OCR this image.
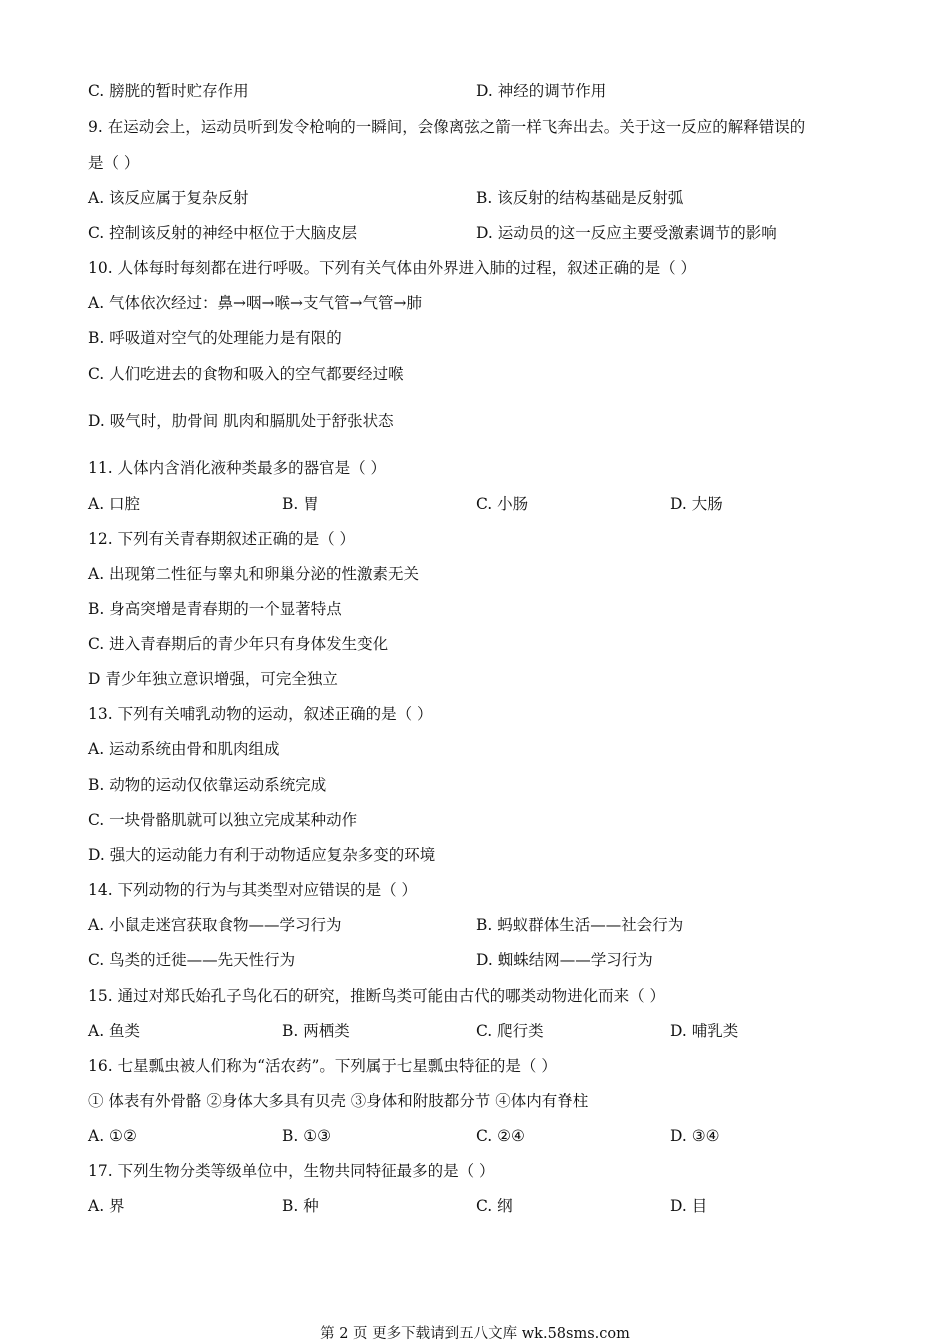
C. 膀胱的暂时贮存作用	D. 神经的调节作用
9. 在运动会上，运动员听到发令枪响的一瞬间，会像离弦之箭一样飞奔出去。关于这一反应的解释错误的
是（ ）
A. 该反应属于复杂反射	B. 该反射的结构基础是反射弧
C. 控制该反射的神经中枢位于大脑皮层	D. 运动员的这一反应主要受激素调节的影响
10. 人体每时每刻都在进行呼吸。下列有关气体由外界进入肺的过程，叙述正确的是（ ）
A. 气体依次经过：鼻→咽→喉→支气管→气管→肺
B. 呼吸道对空气的处理能力是有限的
C. 人们吃进去的食物和吸入的空气都要经过喉
D. 吸气时，肋骨间 肌肉和膈肌处于舒张状态
11. 人体内含消化液种类最多的器官是（ ）
A. 口腔	B. 胃	C. 小肠	D. 大肠
12. 下列有关青春期叙述正确的是（ ）
A. 出现第二性征与睾丸和卵巢分泌的性激素无关
B. 身高突增是青春期的一个显著特点
C. 进入青春期后的青少年只有身体发生变化
D 青少年独立意识增强，可完全独立
13. 下列有关哺乳动物的运动，叙述正确的是（ ）
A. 运动系统由骨和肌肉组成
B. 动物的运动仅依靠运动系统完成
C. 一块骨骼肌就可以独立完成某种动作
D. 强大的运动能力有利于动物适应复杂多变的环境
14. 下列动物的行为与其类型对应错误的是（ ）
A. 小鼠走迷宫获取食物——学习行为	B. 蚂蚁群体生活——社会行为
C. 鸟类的迁徙——先天性行为	D. 蜘蛛结网——学习行为
15. 通过对郑氏始孔子鸟化石的研究，推断鸟类可能由古代的哪类动物进化而来（ ）
A. 鱼类	B. 两栖类	C. 爬行类	D. 哺乳类
16. 七星瓢虫被人们称为“活农药”。下列属于七星瓢虫特征的是（ ）
① 体表有外骨骼 ②身体大多具有贝壳 ③身体和附肢都分节 ④体内有脊柱
A. ①②	B. ①③	C. ②④	D. ③④
17. 下列生物分类等级单位中，生物共同特征最多的是（ ）
A. 界	B. 种	C. 纲	D. 目
第 2 页 更多下载请到五八文库 wk.58sms.com
